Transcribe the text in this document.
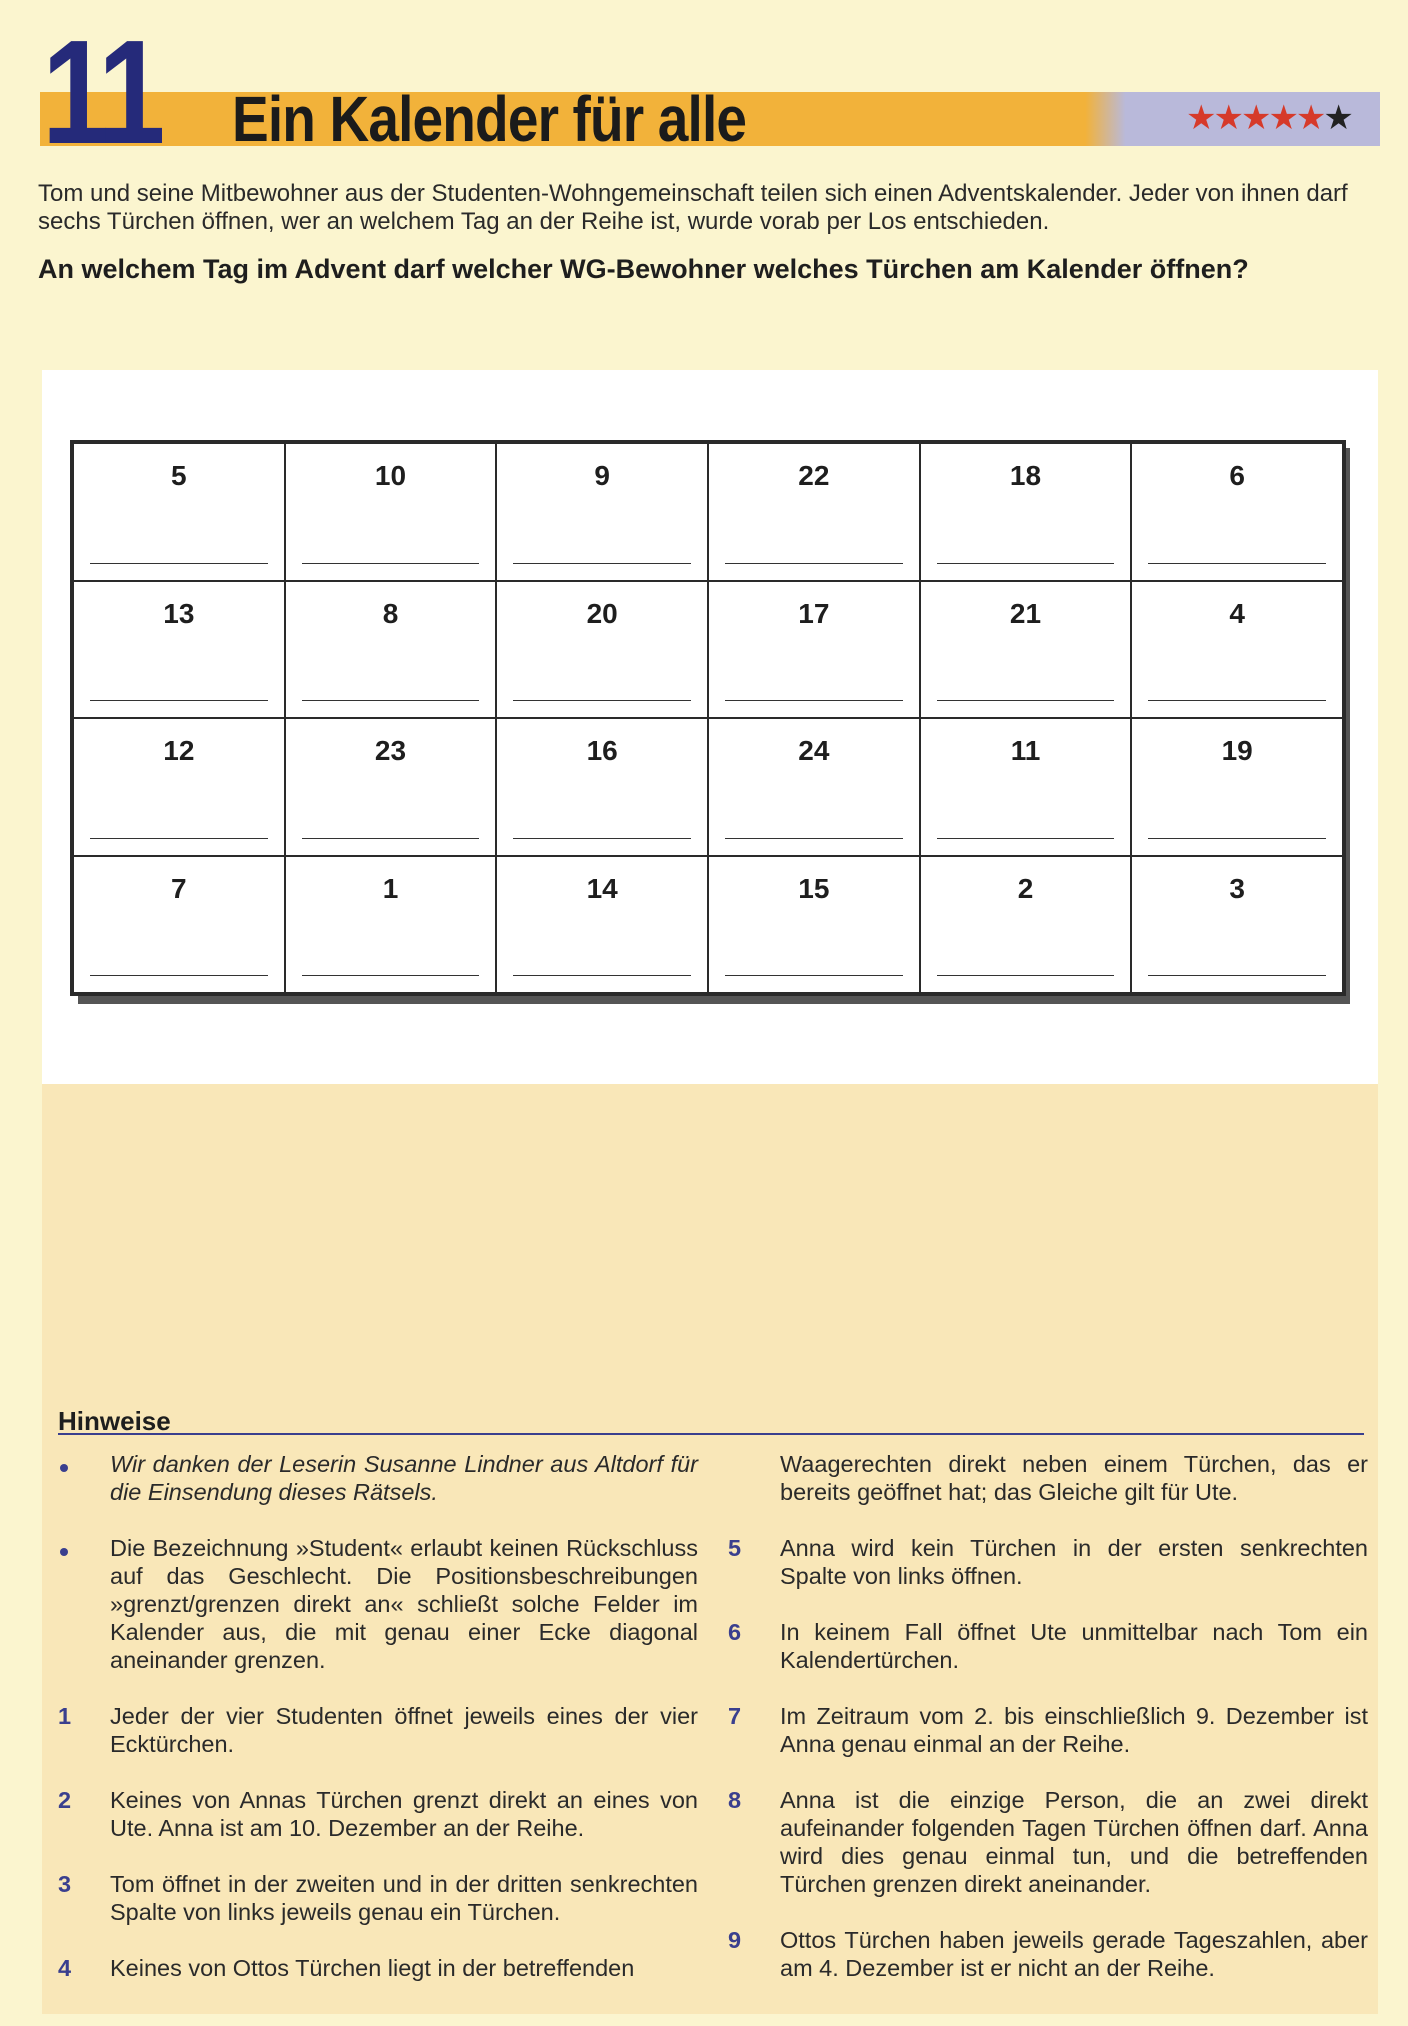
11 Ein Kalender für alle	★★★★★★
Tom und seine Mitbewohner aus der Studenten-Wohngemeinschaft teilen sich einen Adventskalender. Jeder von ihnen darf sechs Türchen öffnen, wer an welchem Tag an der Reihe ist, wurde vorab per Los entschieden.
An welchem Tag im Advent darf welcher WG-Bewohner welches Türchen am Kalender öffnen?
5	10	9	22	18	6
13	8	20	17	21	4
12	23	16	24	11	19
7	1	14	15	2	3
Hinweise
Wir danken der Leserin Susanne Lindner aus Altdorf für die Einsendung dieses Rätsels.
Die Bezeichnung »Student« erlaubt keinen Rückschluss auf das Geschlecht. Die Positionsbeschreibungen »grenzt/grenzen direkt an« schließt solche Felder im Kalender aus, die mit genau einer Ecke diagonal aneinander grenzen.
1 Jeder der vier Studenten öffnet jeweils eines der vier Ecktürchen.
2 Keines von Annas Türchen grenzt direkt an eines von Ute. Anna ist am 10. Dezember an der Reihe.
3 Tom öffnet in der zweiten und in der dritten senkrechten Spalte von links jeweils genau ein Türchen.
4 Keines von Ottos Türchen liegt in der betreffenden
Waagerechten direkt neben einem Türchen, das er bereits geöffnet hat; das Gleiche gilt für Ute.
5 Anna wird kein Türchen in der ersten senkrechten Spalte von links öffnen.
6 In keinem Fall öffnet Ute unmittelbar nach Tom ein Kalendertürchen.
7 Im Zeitraum vom 2. bis einschließlich 9. Dezember ist Anna genau einmal an der Reihe.
8 Anna ist die einzige Person, die an zwei direkt aufeinander folgenden Tagen Türchen öffnen darf. Anna wird dies genau einmal tun, und die betreffenden Türchen grenzen direkt aneinander.
9 Ottos Türchen haben jeweils gerade Tageszahlen, aber am 4. Dezember ist er nicht an der Reihe.
